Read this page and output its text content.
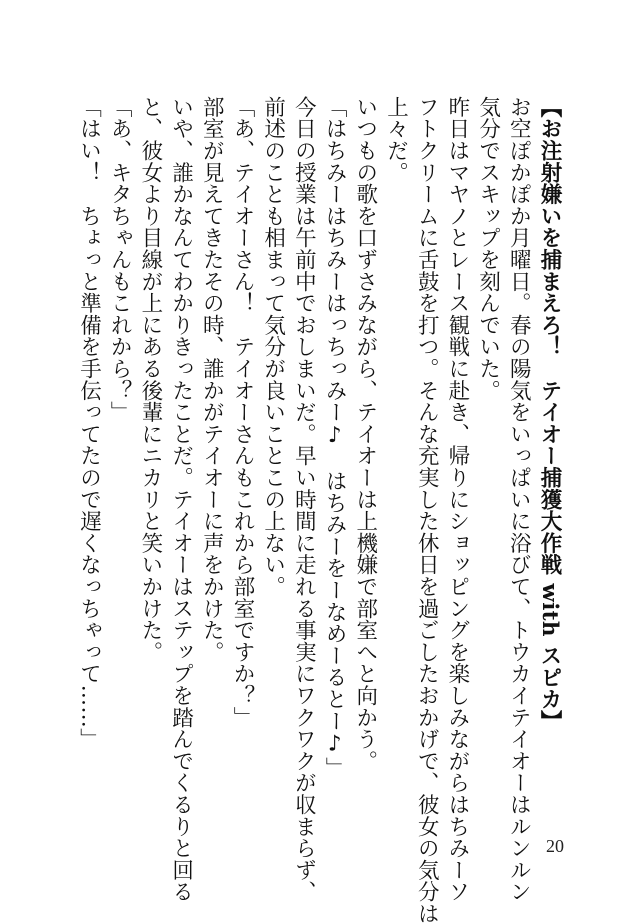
【お注射嫌いを捕まえろ！　テイオー捕獲大作戦 with スピカ】
お空ぽかぽか月曜日。春の陽気をいっぱいに浴びて、トウカイテイオーはルンルン
気分でスキップを刻んでいた。
昨日はマヤノとレース観戦に赴き、帰りにショッピングを楽しみながらはちみーソ
フトクリームに舌鼓を打つ。そんな充実した休日を過ごしたおかげで、彼女の気分は
上々だ。
いつもの歌を口ずさみながら、テイオーは上機嫌で部室へと向かう。
「はちみーはちみーはっちっみー♪　はちみーをーなめーるとー♪」
今日の授業は午前中でおしまいだ。早い時間に走れる事実にワクワクが収まらず、
前述のことも相まって気分が良いことこの上ない。
「あ、テイオーさん！　テイオーさんもこれから部室ですか？」
部室が見えてきたその時、誰かがテイオーに声をかけた。
いや、誰かなんてわかりきったことだ。テイオーはステップを踏んでくるりと回る
と、彼女より目線が上にある後輩にニカリと笑いかけた。
「あ、キタちゃんもこれから？」
「はい！　ちょっと準備を手伝ってたので遅くなっちゃって……」
20
